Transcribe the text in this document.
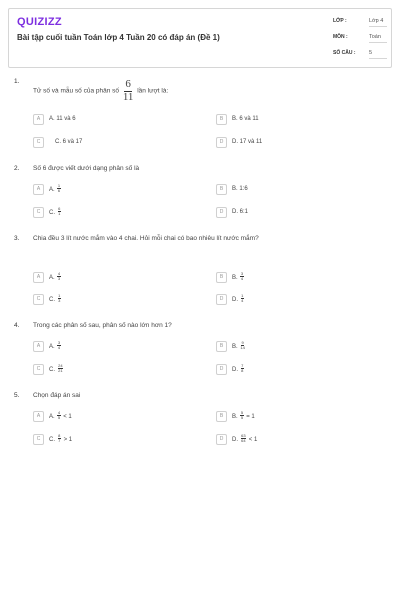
QUIZIZZ
Bài tập cuối tuần Toán lớp 4 Tuần 20 có đáp án (Đề 1)
LỚP :	Lớp 4
MÔN :	Toán
SỐ CÂU : 5
1.
Tử số và mẫu số của phân số $\frac{6}{11}$ lần lượt là:
A	A. 11 và 6	B	B. 6 và 11
C	C. 6 và 17	D	D. 17 và 11
2. Số 6 được viết dưới dạng phân số là
A	A. $\frac{1}{6}$	B	B. 1:6
C	C. $\frac{6}{1}$	D	D. 6:1
3. Chia đều 3 lít nước mắm vào 4 chai. Hỏi mỗi chai có bao nhiêu lít nước mắm?
A	A. $\frac{4}{3}$	B	B. $\frac{3}{4}$
C	C. $\frac{1}{3}$	D	D. $\frac{1}{4}$
4. Trong các phân số sau, phân số nào lớn hơn 1?
A	A. $\frac{3}{4}$	B	B. $\frac{9}{14}$
C	C. $\frac{24}{21}$	D	D. $\frac{7}{8}$
5. Chọn đáp án sai
A	A. $\frac{4}{5} < 1$	B	B. $\frac{5}{5} = 1$
C	C. $\frac{8}{7} > 1$	D	D. $\frac{63}{64} < 1$
